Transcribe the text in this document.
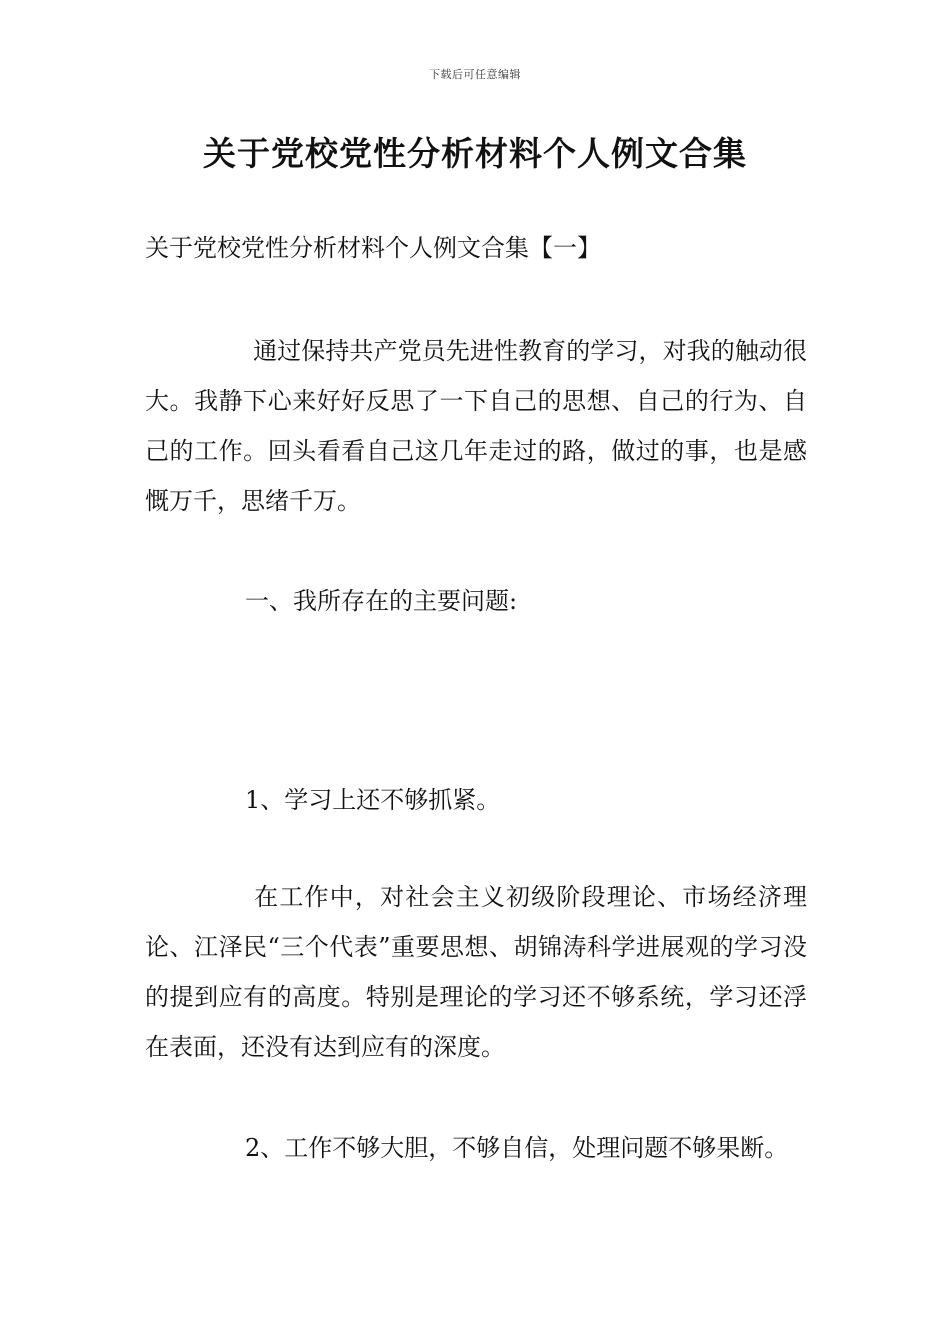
下载后可任意编辑
关于党校党性分析材料个人例文合集
关于党校党性分析材料个人例文合集【一】

通过保持共产党员先进性教育的学习，对我的触动很大。我静下心来好好反思了一下自己的思想、自己的行为、自己的工作。回头看看自己这几年走过的路，做过的事，也是感慨万千，思绪千万。

一、我所存在的主要问题:
1、学习上还不够抓紧。

在工作中，对社会主义初级阶段理论、市场经济理论、江泽民“三个代表”重要思想、胡锦涛科学进展观的学习没的提到应有的高度。特别是理论的学习还不够系统，学习还浮在表面，还没有达到应有的深度。

2、工作不够大胆，不够自信，处理问题不够果断。
